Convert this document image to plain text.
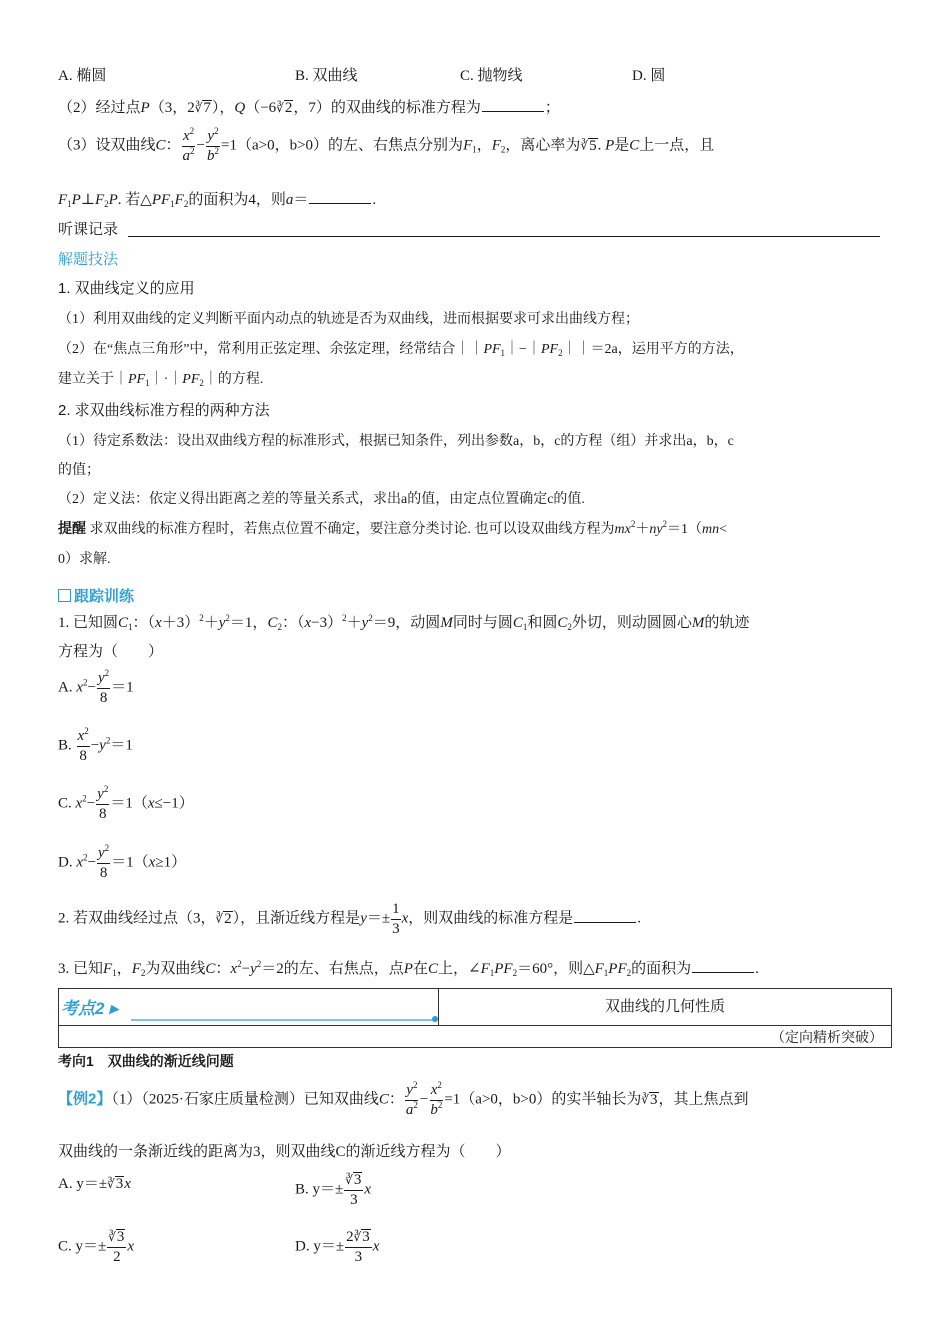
A. 椭圆	B. 双曲线	C. 抛物线	D. 圆
（2）经过点P（3，2∛7），Q（−6∛2，7）的双曲线的标准方程为	；
（3）设双曲线C： $\frac{x^2}{a^2} - \frac{y^2}{b^2} =1(a>0$，b>0）的左、右焦点分别为$F_1$，$F_2$，离心率为∛5. P是C上一点，且
$F_1P\perp F_2P$. 若$\triangle PF_1F_2$的面积为4，则a＝	.
听课记录
解题技法
1. 双曲线定义的应用
（1）利用双曲线的定义判断平面内动点的轨迹是否为双曲线，进而根据要求可求出曲线方程；
（2）在“焦点三角形”中，常利用正弦定理、余弦定理，经常结合$||PF_1|-|PF_2||=2a$，运用平方的方法，
建立关于$|PF_1|\cdot|PF_2|$的方程.
2. 求双曲线标准方程的两种方法
（1）待定系数法：设出双曲线方程的标准形式，根据已知条件，列出参数a，b，c的方程（组）并求出a，b，c
的值；
（2）定义法：依定义得出距离之差的等量关系式，求出a的值，由定点位置确定c的值.
提醒 求双曲线的标准方程时，若焦点位置不确定，要注意分类讨论. 也可以设双曲线方程为$mx^2+ny^2=1(mn<$
0）求解.
跟踪训练
1. 已知圆$C_1$：$(x+3)^2+y^2=1$，$C_2$：$(x-3)^2+y^2=9$，动圆M同时与圆$C_1$和圆$C_2$外切，则动圆圆心M的轨迹
方程为（　　）
A. $x^2- \frac{y^2}{8} =1$
B. $\frac{x^2}{8} -y^2=1$
C. $x^2- \frac{y^2}{8} =1(x\le-1)$
D. $x^2- \frac{y^2}{8} =1(x\ge 1)$
2. 若双曲线经过点（3，∛2），且渐近线方程是$y=\pm \frac{1}{3}$ x，则双曲线的标准方程是	.
3. 已知$F_1$，$F_2$为双曲线C：$x^2-y^2=2$的左、右焦点，点P在C上，$\angle F_1PF_2=60^\circ$，则$\triangle F_1PF_2$的面积为	.
考点2 ▸	双曲线的几何性质
（定向精析突破）
考向1　双曲线的渐近线问题
【例2】（1）（2025·石家庄质量检测）已知双曲线C： $\frac{y^2}{a^2} - \frac{x^2}{b^2} =1(a>0$，b>0）的实半轴长为∛3，其上焦点到
双曲线的一条渐近线的距离为3，则双曲线C的渐近线方程为（　　）
A. y＝±∛3x	B. $y=\pm \frac{∛3}{3}$ x
C. $y=\pm \frac{∛3}{2}$ x	D. $y=\pm \frac{2∛3}{3}$ x
